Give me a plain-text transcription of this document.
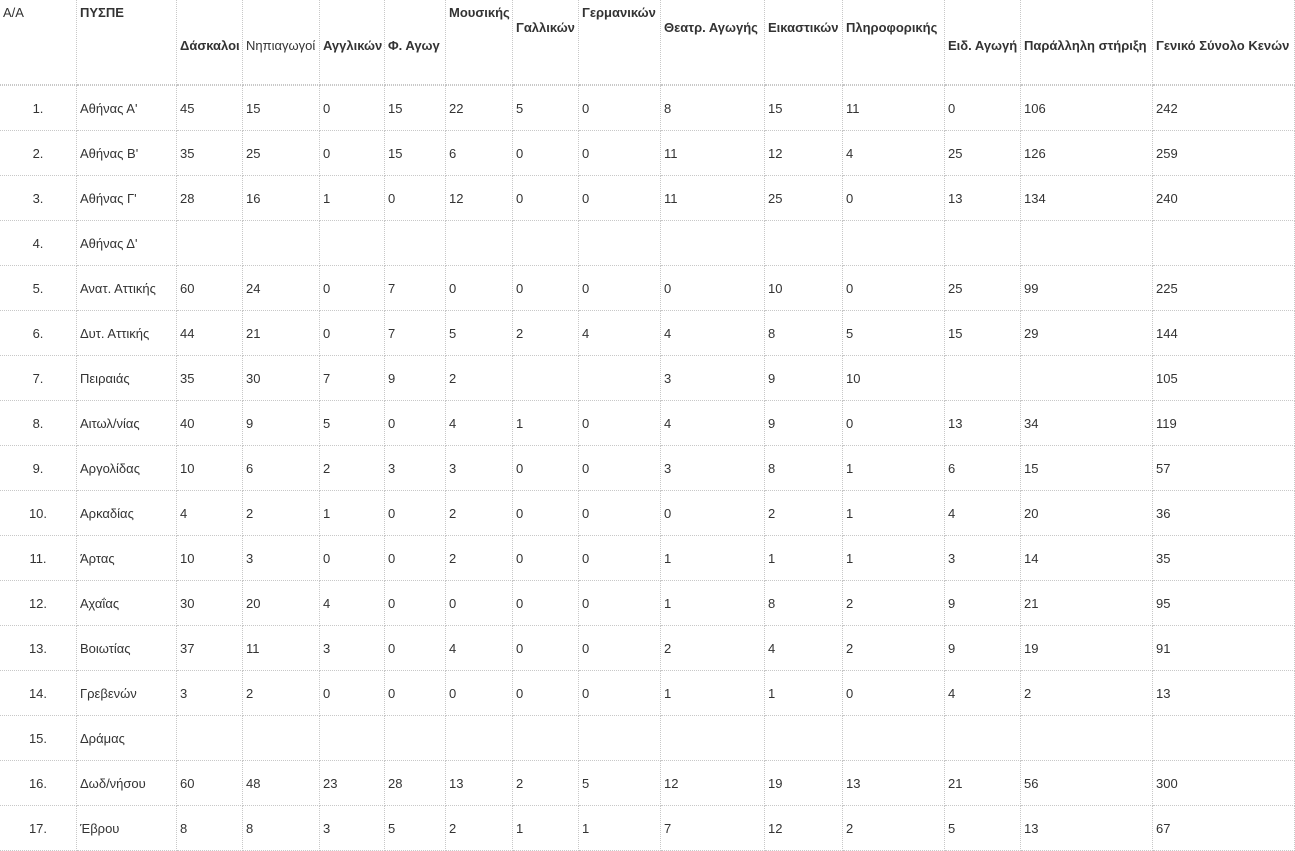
Α/Α	ΠΥΣΠΕ	Δάσκαλοι	Νηπιαγωγοί	Αγγλικών	Φ. Αγωγ	Μουσικής	Γαλλικών	Γερμανικών	Θεατρ. Αγωγής	Εικαστικών	Πληροφορικής	Ειδ. Αγωγή	Παράλληλη στήριξη	Γενικό Σύνολο Κενών
1.	Αθήνας Α'	45	15	0	15	22	5	0	8	15	11	0	106	242
2.	Αθήνας Β'	35	25	0	15	6	0	0	11	12	4	25	126	259
3.	Αθήνας Γ'	28	16	1	0	12	0	0	11	25	0	13	134	240
4.	Αθήνας Δ'													
5.	Ανατ. Αττικής	60	24	0	7	0	0	0	0	10	0	25	99	225
6.	Δυτ. Αττικής	44	21	0	7	5	2	4	4	8	5	15	29	144
7.	Πειραιάς	35	30	7	9	2			3	9	10			105
8.	Αιτωλ/νίας	40	9	5	0	4	1	0	4	9	0	13	34	119
9.	Αργολίδας	10	6	2	3	3	0	0	3	8	1	6	15	57
10.	Αρκαδίας	4	2	1	0	2	0	0	0	2	1	4	20	36
11.	Άρτας	10	3	0	0	2	0	0	1	1	1	3	14	35
12.	Αχαΐας	30	20	4	0	0	0	0	1	8	2	9	21	95
13.	Βοιωτίας	37	11	3	0	4	0	0	2	4	2	9	19	91
14.	Γρεβενών	3	2	0	0	0	0	0	1	1	0	4	2	13
15.	Δράμας													
16.	Δωδ/νήσου	60	48	23	28	13	2	5	12	19	13	21	56	300
17.	Έβρου	8	8	3	5	2	1	1	7	12	2	5	13	67
